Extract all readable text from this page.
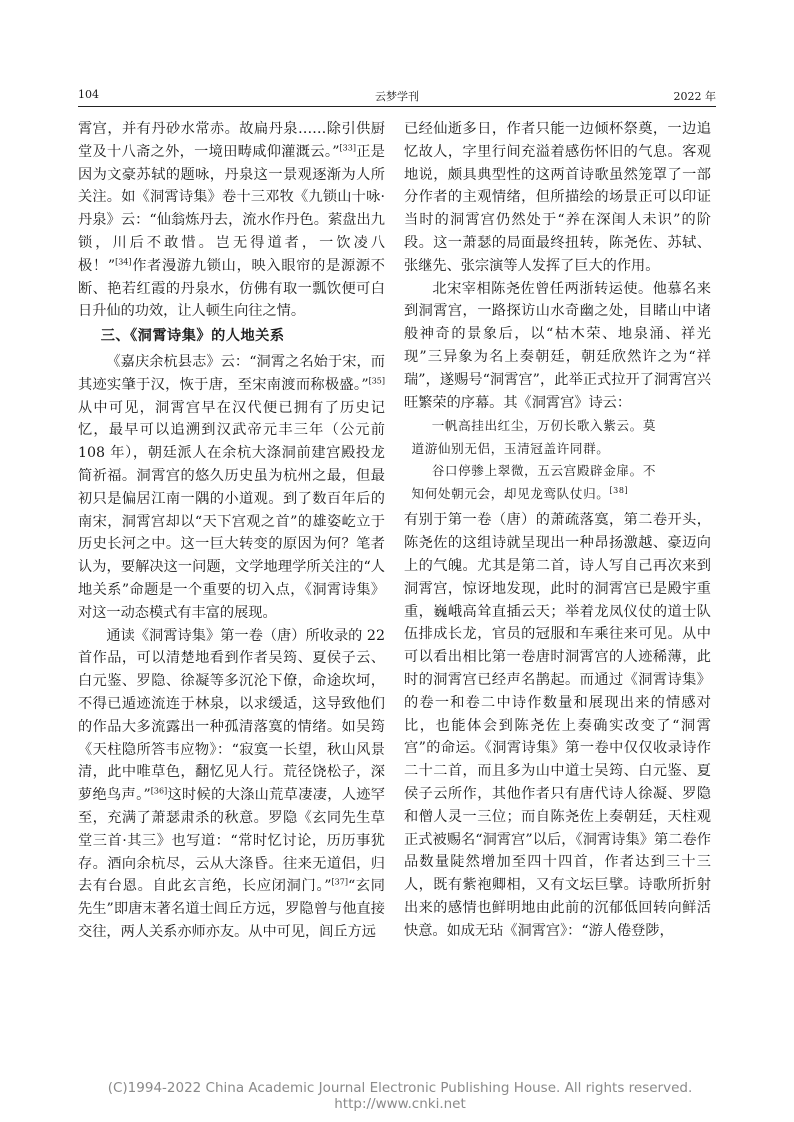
104	云梦学刊	2022 年

霄宫，并有丹砂水常赤。故扁丹泉……除引供厨堂及十八斋之外，一境田畴咸仰灌溉云。”[33]正是因为文豪苏轼的题咏，丹泉这一景观逐渐为人所关注。如《洞霄诗集》卷十三邓牧《九锁山十咏·丹泉》云：“仙翁炼丹去，流水作丹色。萦盘出九锁，川后不敢惜。岂无得道者，一饮凌八极！”[34]作者漫游九锁山，映入眼帘的是源源不断、艳若红霞的丹泉水，仿佛有取一瓢饮便可白日升仙的功效，让人顿生向往之情。

三、《洞霄诗集》的人地关系

《嘉庆余杭县志》云：“洞霄之名始于宋，而其迹实肇于汉，恢于唐，至宋南渡而称极盛。”[35]从中可见，洞霄宫早在汉代便已拥有了历史记忆，最早可以追溯到汉武帝元丰三年（公元前 108 年），朝廷派人在余杭大涤洞前建宫殿投龙简祈福。洞霄宫的悠久历史虽为杭州之最，但最初只是偏居江南一隅的小道观。到了数百年后的南宋，洞霄宫却以“天下宫观之首”的雄姿屹立于历史长河之中。这一巨大转变的原因为何？笔者认为，要解决这一问题，文学地理学所关注的“人地关系”命题是一个重要的切入点，《洞霄诗集》对这一动态模式有丰富的展现。

通读《洞霄诗集》第一卷（唐）所收录的 22 首作品，可以清楚地看到作者吴筠、夏侯子云、白元鉴、罗隐、徐凝等多沉沦下僚，命途坎坷，不得已遁迹流连于林泉，以求缓适，这导致他们的作品大多流露出一种孤清落寞的情绪。如吴筠《天柱隐所答韦应物》：“寂寞一长望，秋山风景清，此中唯草色，翻忆见人行。荒径饶松子，深萝绝鸟声。”[36]这时候的大涤山荒草凄凄，人迹罕至，充满了萧瑟肃杀的秋意。罗隐《玄同先生草堂三首·其三》也写道：“常时忆讨论，历历事犹存。酒向余杭尽，云从大涤昏。往来无道侣，归去有台恩。自此玄言绝，长应闭洞门。”[37]“玄同先生”即唐末著名道士闾丘方远，罗隐曾与他直接交往，两人关系亦师亦友。从中可见，闾丘方远

已经仙逝多日，作者只能一边倾杯祭奠，一边追忆故人，字里行间充溢着感伤怀旧的气息。客观地说，颇具典型性的这两首诗歌虽然笼罩了一部分作者的主观情绪，但所描绘的场景正可以印证当时的洞霄宫仍然处于“养在深闺人未识”的阶段。这一萧瑟的局面最终扭转，陈尧佐、苏轼、张继先、张宗演等人发挥了巨大的作用。

北宋宰相陈尧佐曾任两浙转运使。他慕名来到洞霄宫，一路探访山水奇幽之处，目睹山中诸般神奇的景象后，以“枯木荣、地泉涌、祥光现”三异象为名上奏朝廷，朝廷欣然许之为“祥瑞”，遂赐号“洞霄宫”，此举正式拉开了洞霄宫兴旺繁荣的序幕。其《洞霄宫》诗云：

一帆高挂出红尘，万仞长歌入紫云。莫
道游仙别无侣，玉清冠盖许同群。
谷口停骖上翠微，五云宫殿辟金扉。不
知何处朝元会，却见龙鸾队仗归。[38]

有别于第一卷（唐）的萧疏落寞，第二卷开头，陈尧佐的这组诗就呈现出一种昂扬激越、豪迈向上的气魄。尤其是第二首，诗人写自己再次来到洞霄宫，惊讶地发现，此时的洞霄宫已是殿宇重重，巍峨高耸直插云天；举着龙凤仪仗的道士队伍排成长龙，官员的冠服和车乘往来可见。从中可以看出相比第一卷唐时洞霄宫的人迹稀薄，此时的洞霄宫已经声名鹊起。而通过《洞霄诗集》的卷一和卷二中诗作数量和展现出来的情感对比，也能体会到陈尧佐上奏确实改变了“洞霄宫”的命运。《洞霄诗集》第一卷中仅仅收录诗作二十二首，而且多为山中道士吴筠、白元鉴、夏侯子云所作，其他作者只有唐代诗人徐凝、罗隐和僧人灵一三位；而自陈尧佐上奏朝廷，天柱观正式被赐名“洞霄宫”以后，《洞霄诗集》第二卷作品数量陡然增加至四十四首，作者达到三十三人，既有紫袍卿相，又有文坛巨擘。诗歌所折射出来的感情也鲜明地由此前的沉郁低回转向鲜活快意。如成无玷《洞霄宫》：“游人倦登陟，

(C)1994-2022 China Academic Journal Electronic Publishing House. All rights reserved. http://www.cnki.net
